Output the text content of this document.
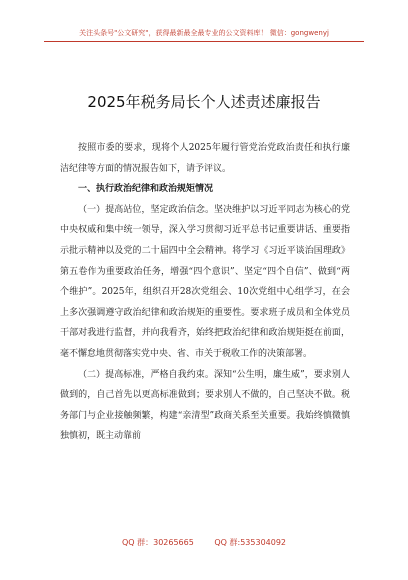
关注头条号"公文研究"，获得最新最全最专业的公文资料库！ 微信：gongwenyj
2025年税务局长个人述责述廉报告

按照市委的要求，现将个人2025年履行管党治党政治责任和执行廉洁纪律等方面的情况报告如下，请予评议。

一、执行政治纪律和政治规矩情况

（一）提高站位，坚定政治信念。坚决维护以习近平同志为核心的党中央权威和集中统一领导，深入学习贯彻习近平总书记重要讲话、重要指示批示精神以及党的二十届四中全会精神。将学习《习近平谈治国理政》第五卷作为重要政治任务，增强“四个意识”、坚定“四个自信”、做到“两个维护”。2025年，组织召开28次党组会、10次党组中心组学习，在会上多次强调遵守政治纪律和政治规矩的重要性。要求班子成员和全体党员干部对我进行监督，并向我看齐，始终把政治纪律和政治规矩挺在前面，毫不懈怠地贯彻落实党中央、省、市关于税收工作的决策部署。

（二）提高标准，严格自我约束。深知“公生明，廉生威”，要求别人做到的，自己首先以更高标准做到；要求别人不做的，自己坚决不做。税务部门与企业接触频繁，构建“亲清型”政商关系至关重要。我始终慎微慎独慎初，既主动靠前

QQ 群：30265665	QQ 群:535304092
